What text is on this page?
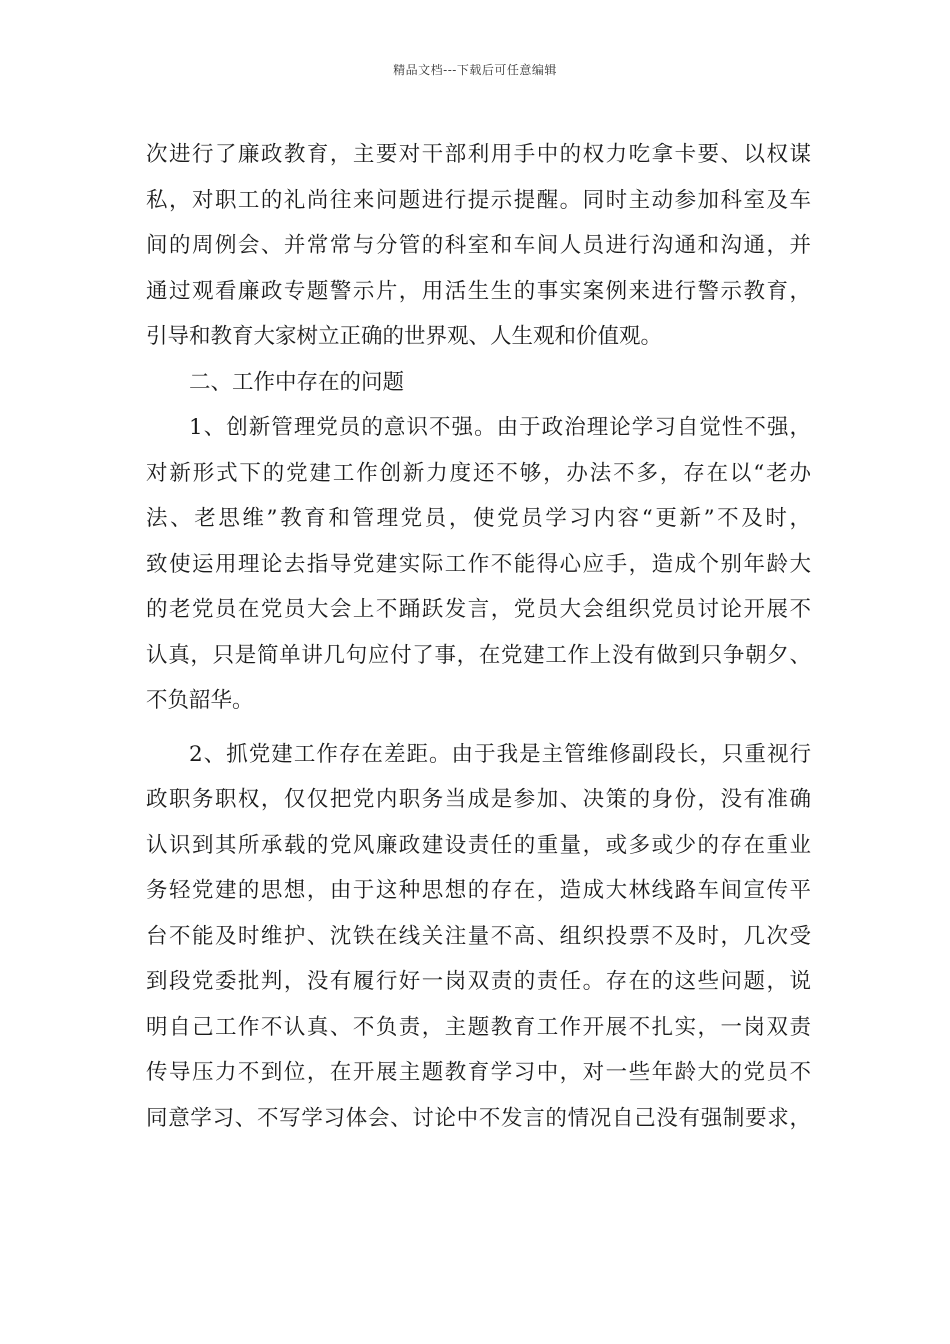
精品文档---下载后可任意编辑
次进行了廉政教育，主要对干部利用手中的权力吃拿卡要、以权谋
私，对职工的礼尚往来问题进行提示提醒。同时主动参加科室及车
间的周例会、并常常与分管的科室和车间人员进行沟通和沟通，并
通过观看廉政专题警示片，用活生生的事实案例来进行警示教育，
引导和教育大家树立正确的世界观、人生观和价值观。
二、工作中存在的问题
1、创新管理党员的意识不强。由于政治理论学习自觉性不强，
对新形式下的党建工作创新力度还不够，办法不多，存在以“老办
法、老思维”教育和管理党员，使党员学习内容“更新”不及时，
致使运用理论去指导党建实际工作不能得心应手，造成个别年龄大
的老党员在党员大会上不踊跃发言，党员大会组织党员讨论开展不
认真，只是简单讲几句应付了事，在党建工作上没有做到只争朝夕、
不负韶华。
2、抓党建工作存在差距。由于我是主管维修副段长，只重视行
政职务职权，仅仅把党内职务当成是参加、决策的身份，没有准确
认识到其所承载的党风廉政建设责任的重量，或多或少的存在重业
务轻党建的思想，由于这种思想的存在，造成大林线路车间宣传平
台不能及时维护、沈铁在线关注量不高、组织投票不及时，几次受
到段党委批判，没有履行好一岗双责的责任。存在的这些问题，说
明自己工作不认真、不负责，主题教育工作开展不扎实，一岗双责
传导压力不到位，在开展主题教育学习中，对一些年龄大的党员不
同意学习、不写学习体会、讨论中不发言的情况自己没有强制要求，
